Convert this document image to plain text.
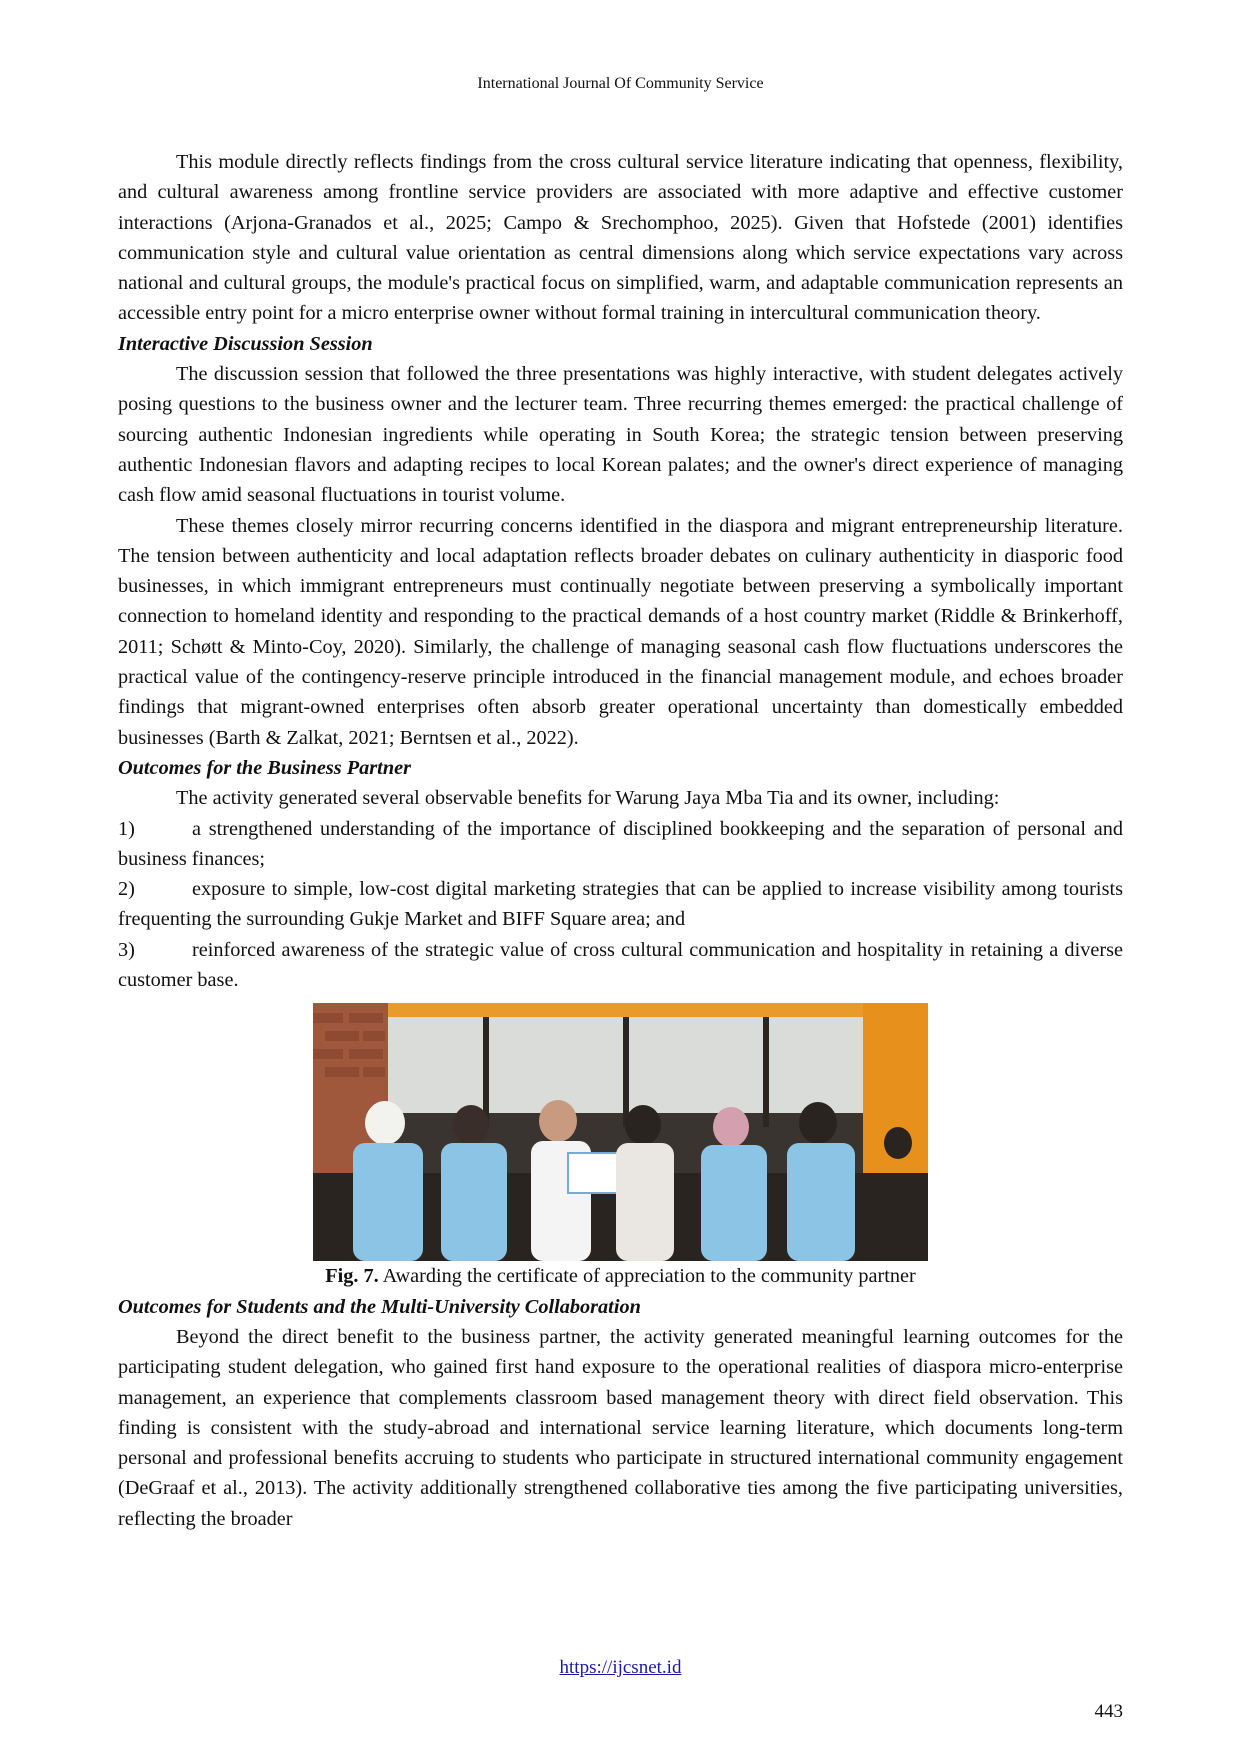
International Journal Of Community Service

This module directly reflects findings from the cross cultural service literature indicating that openness, flexibility, and cultural awareness among frontline service providers are associated with more adaptive and effective customer interactions (Arjona-Granados et al., 2025; Campo & Srechomphoo, 2025). Given that Hofstede (2001) identifies communication style and cultural value orientation as central dimensions along which service expectations vary across national and cultural groups, the module's practical focus on simplified, warm, and adaptable communication represents an accessible entry point for a micro enterprise owner without formal training in intercultural communication theory.

Interactive Discussion Session

The discussion session that followed the three presentations was highly interactive, with student delegates actively posing questions to the business owner and the lecturer team. Three recurring themes emerged: the practical challenge of sourcing authentic Indonesian ingredients while operating in South Korea; the strategic tension between preserving authentic Indonesian flavors and adapting recipes to local Korean palates; and the owner's direct experience of managing cash flow amid seasonal fluctuations in tourist volume.

These themes closely mirror recurring concerns identified in the diaspora and migrant entrepreneurship literature. The tension between authenticity and local adaptation reflects broader debates on culinary authenticity in diasporic food businesses, in which immigrant entrepreneurs must continually negotiate between preserving a symbolically important connection to homeland identity and responding to the practical demands of a host country market (Riddle & Brinkerhoff, 2011; Schøtt & Minto-Coy, 2020). Similarly, the challenge of managing seasonal cash flow fluctuations underscores the practical value of the contingency-reserve principle introduced in the financial management module, and echoes broader findings that migrant-owned enterprises often absorb greater operational uncertainty than domestically embedded businesses (Barth & Zalkat, 2021; Berntsen et al., 2022).

Outcomes for the Business Partner

The activity generated several observable benefits for Warung Jaya Mba Tia and its owner, including:

1)	a strengthened understanding of the importance of disciplined bookkeeping and the separation of personal and business finances;

2)	exposure to simple, low-cost digital marketing strategies that can be applied to increase visibility among tourists frequenting the surrounding Gukje Market and BIFF Square area; and

3)	reinforced awareness of the strategic value of cross cultural communication and hospitality in retaining a diverse customer base.

Fig. 7. Awarding the certificate of appreciation to the community partner

Outcomes for Students and the Multi-University Collaboration

Beyond the direct benefit to the business partner, the activity generated meaningful learning outcomes for the participating student delegation, who gained first hand exposure to the operational realities of diaspora micro-enterprise management, an experience that complements classroom based management theory with direct field observation. This finding is consistent with the study-abroad and international service learning literature, which documents long-term personal and professional benefits accruing to students who participate in structured international community engagement (DeGraaf et al., 2013). The activity additionally strengthened collaborative ties among the five participating universities, reflecting the broader

https://ijcsnet.id
443
